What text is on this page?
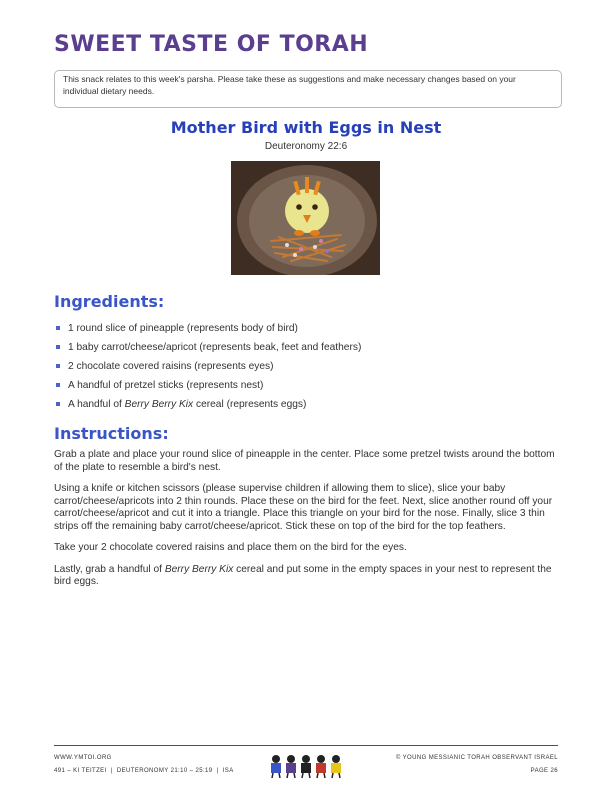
SWEET TASTE OF TORAH
This snack relates to this week's parsha. Please take these as suggestions and make necessary changes based on your individual dietary needs.
Mother Bird with Eggs in Nest
Deuteronomy 22:6
Ingredients:
1 round slice of pineapple (represents body of bird)
1 baby carrot/cheese/apricot (represents beak, feet and feathers)
2 chocolate covered raisins (represents eyes)
A handful of pretzel sticks (represents nest)
A handful of Berry Berry Kix cereal (represents eggs)
Instructions:

Grab a plate and place your round slice of pineapple in the center. Place some pretzel twists around the bottom of the plate to resemble a bird's nest.

Using a knife or kitchen scissors (please supervise children if allowing them to slice), slice your baby carrot/cheese/apricots into 2 thin rounds. Place these on the bird for the feet. Next, slice another round off your carrot/cheese/apricot and cut it into a triangle. Place this triangle on your bird for the nose. Finally, slice 3 thin strips off the remaining baby carrot/cheese/apricot. Stick these on top of the bird for the top feathers.

Take your 2 chocolate covered raisins and place them on the bird for the eyes.

Lastly, grab a handful of Berry Berry Kix cereal and put some in the empty spaces in your nest to represent the bird eggs.

WWW.YMTOI.ORG
491 – KI TEITZEI  |  DEUTERONOMY 21:10 – 25:19  |  ISA
© YOUNG MESSIANIC TORAH OBSERVANT ISRAEL
PAGE 26
